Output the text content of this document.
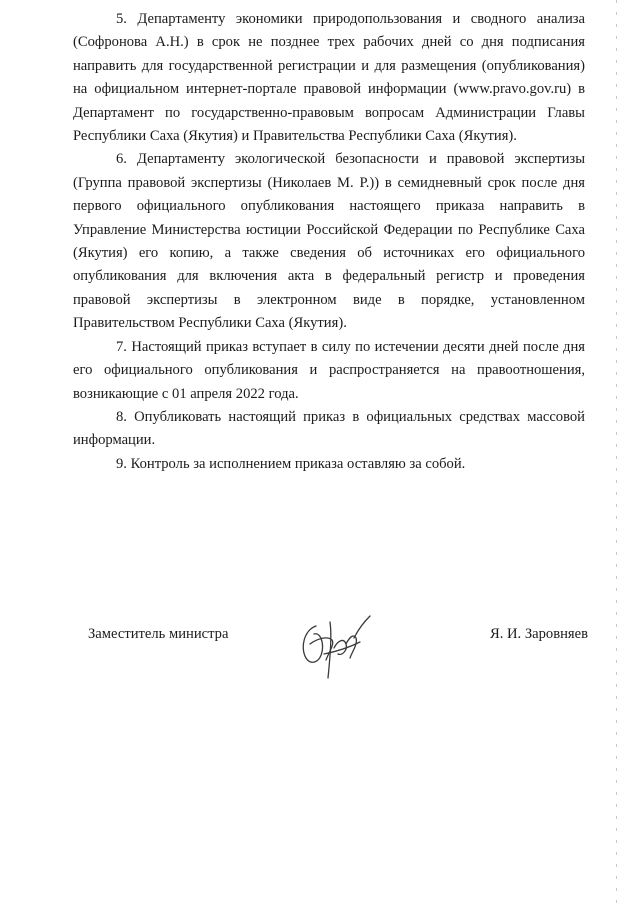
5. Департаменту экономики природопользования и сводного анализа (Софронова А.Н.) в срок не позднее трех рабочих дней со дня подписания направить для государственной регистрации и для размещения (опубликования) на официальном интернет-портале правовой информации (www.pravo.gov.ru) в Департамент по государственно-правовым вопросам Администрации Главы Республики Саха (Якутия) и Правительства Республики Саха (Якутия).

6. Департаменту экологической безопасности и правовой экспертизы (Группа правовой экспертизы (Николаев М. Р.)) в семидневный срок после дня первого официального опубликования настоящего приказа направить в Управление Министерства юстиции Российской Федерации по Республике Саха (Якутия) его копию, а также сведения об источниках его официального опубликования для включения акта в федеральный регистр и проведения правовой экспертизы в электронном виде в порядке, установленном Правительством Республики Саха (Якутия).

7. Настоящий приказ вступает в силу по истечении десяти дней после дня его официального опубликования и распространяется на правоотношения, возникающие с 01 апреля 2022 года.

8. Опубликовать настоящий приказ в официальных средствах массовой информации.

9. Контроль за исполнением приказа оставляю за собой.

Заместитель министра	Я. И. Заровняев
